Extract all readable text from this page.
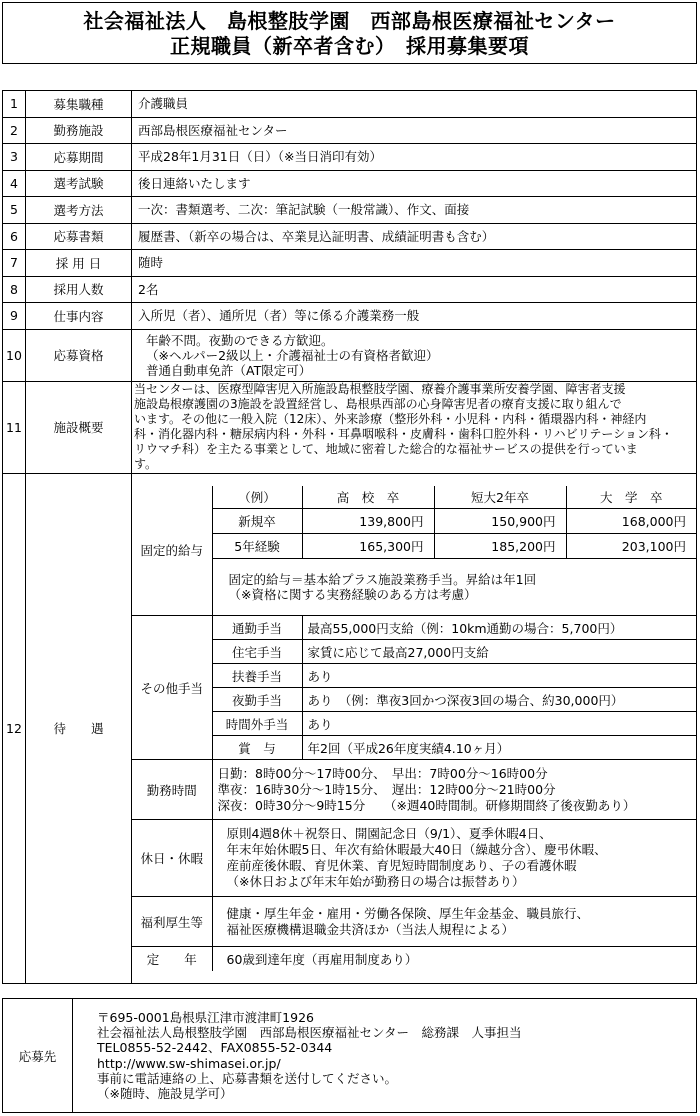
社会福祉法人　島根整肢学園　西部島根医療福祉センター
正規職員（新卒者含む）　採用募集要項
1	募集職種	介護職員
2	勤務施設	西部島根医療福祉センター
3	応募期間	平成28年1月31日（日）（※当日消印有効）
4	選考試験	後日連絡いたします
5	選考方法	一次：書類選考、二次：筆記試験（一般常識）、作文、面接
6	応募書類	履歴書、（新卒の場合は、卒業見込証明書、成績証明書も含む）
7	採 用 日	随時
8	採用人数	2名
9	仕事内容	入所児（者）、通所児（者）等に係る介護業務一般
10	応募資格	
年齢不問。夜勤のできる方歓迎。
（※ヘルパー2級以上・介護福祉士の有資格者歓迎）
普通自動車免許（AT限定可）

11	施設概要	
当センターは、医療型障害児入所施設島根整肢学園、療養介護事業所安養学園、障害者支援
施設島根療護園の3施設を設置経営し、島根県西部の心身障害児者の療育支援に取り組んで
います。その他に一般入院（12床）、外来診療（整形外科・小児科・内科・循環器内科・神経内
科・消化器内科・糖尿病内科・外科・耳鼻咽喉科・皮膚科・歯科口腔外科・リハビリテーション科・
リウマチ科）を主たる事業として、地域に密着した総合的な福祉サービスの提供を行っていま
す。

12	待　　遇	
固定的給与	（例）	高　校　卒	短大2年卒	大　学　卒
新規卒	139,800円	150,900円	168,000円
5年経験	165,300円	185,200円	203,100円

固定的給与＝基本給プラス施設業務手当。昇給は年1回
（※資格に関する実務経験のある方は考慮）

その他手当	通勤手当	最高55,000円支給（例：10km通勤の場合：5,700円）
住宅手当	家賃に応じて最高27,000円支給
扶養手当	あり
夜勤手当	あり　（例：準夜3回かつ深夜3回の場合、約30,000円）
時間外手当	あり
賞　与	年2回（平成26年度実績4.10ヶ月）
勤務時間	
日勤：8時00分～17時00分、　早出：7時00分～16時00分
準夜：16時30分～1時15分、　遅出：12時00分～21時00分
深夜：0時30分～9時15分　　（※週40時間制。研修期間終了後夜勤あり）

休日・休暇	
原則4週8休＋祝祭日、開園記念日（9/1）、夏季休暇4日、
年末年始休暇5日、年次有給休暇最大40日（繰越分含）、慶弔休暇、
産前産後休暇、育児休業、育児短時間制度あり、子の看護休暇
（※休日および年末年始が勤務日の場合は振替あり）

福利厚生等	
健康・厚生年金・雇用・労働各保険、厚生年金基金、職員旅行、
福祉医療機構退職金共済ほか（当法人規程による）

定　　年	60歳到達年度（再雇用制度あり）
応募先	
〒695-0001島根県江津市渡津町1926
社会福祉法人島根整肢学園　西部島根医療福祉センター　総務課　人事担当
TEL0855-52-2442、FAX0855-52-0344
http://www.sw-shimasei.or.jp/
事前に電話連絡の上、応募書類を送付してください。
（※随時、施設見学可）
